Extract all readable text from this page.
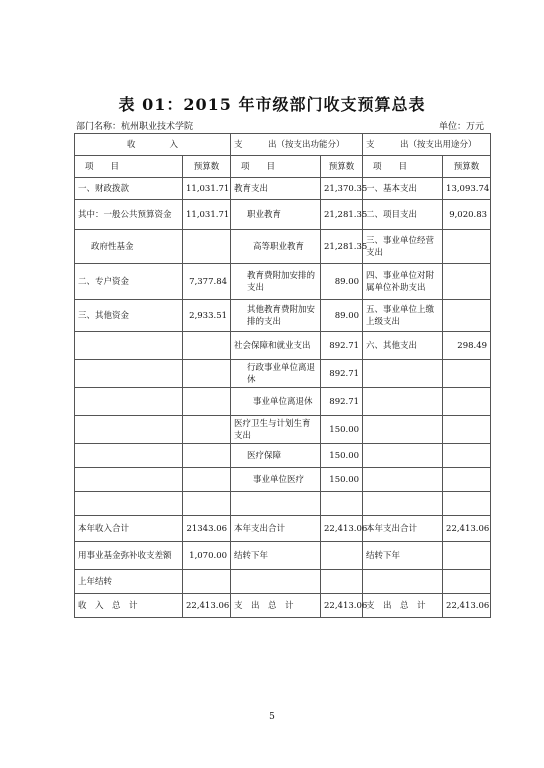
表 01：2015 年市级部门收支预算总表
部门名称：杭州职业技术学院	单位：万元
收　　　　入		支　　　出（按支出功能分）		支　　　出（按支出用途分）	
项　　目	预算数	项　　目	预算数	项　　目	预算数
一、财政拨款	11,031.71	教育支出	21,370.35	一、基本支出	13,093.74
其中：一般公共预算资金	11,031.71	职业教育	21,281.35	二、项目支出	9,020.83
政府性基金		高等职业教育	21,281.35	三、事业单位经营支出	
二、专户资金	7,377.84	教育费附加安排的支出	89.00	四、事业单位对附属单位补助支出	
三、其他资金	2,933.51	其他教育费附加安排的支出	89.00	五、事业单位上缴上级支出	
		社会保障和就业支出	892.71	六、其他支出	298.49
		行政事业单位离退休	892.71		
		事业单位离退休	892.71		
		医疗卫生与计划生育支出	150.00		
		医疗保障	150.00		
		事业单位医疗	150.00		

本年收入合计	21343.06	本年支出合计	22,413.06	本年支出合计	22,413.06
用事业基金弥补收支差额	1,070.00	结转下年		结转下年	
上年结转					
收　入　总　计	22,413.06	支　出　总　计	22,413.06	支　出　总　计	22,413.06
5
